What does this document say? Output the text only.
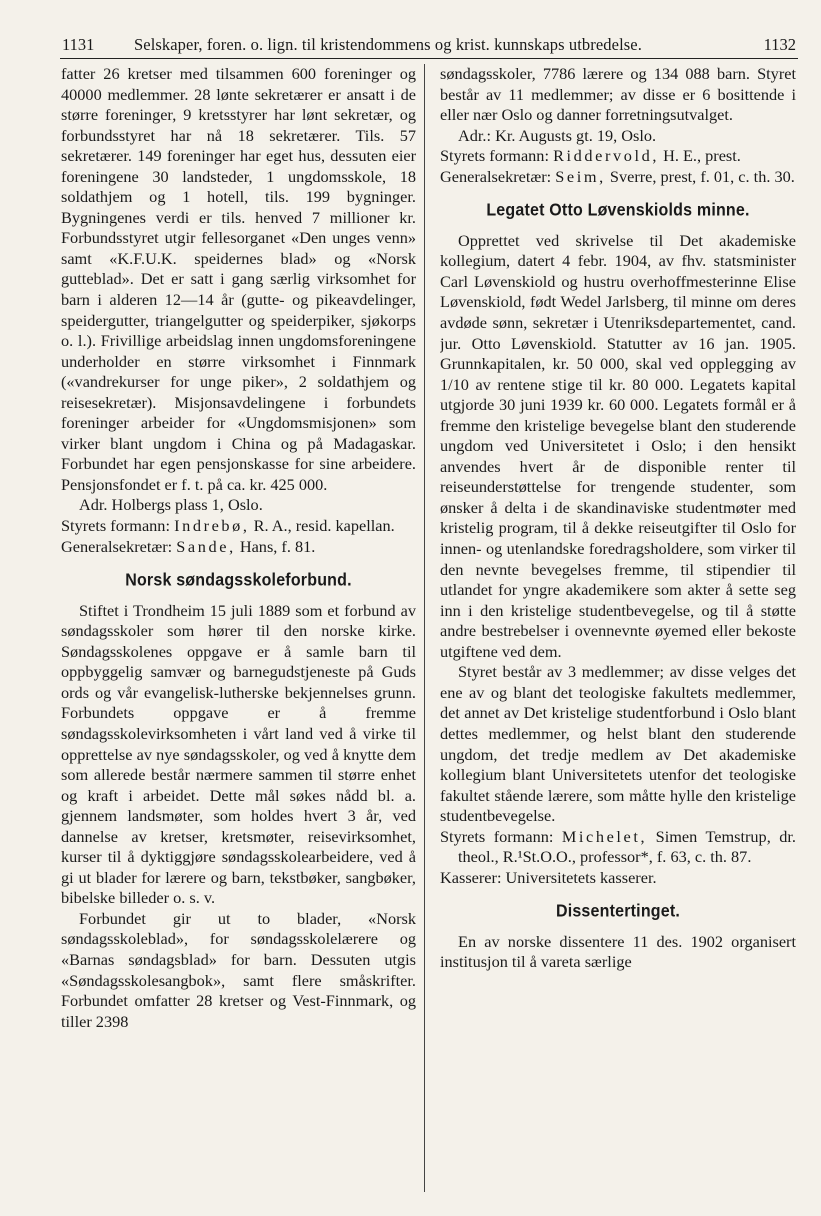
1131 Selskaper, foren. o. lign. til kristendommens og krist. kunnskaps utbredelse.	1132

fatter 26 kretser med tilsammen 600 foreninger og 40000 medlemmer. 28 lønte sekretærer er ansatt i de større foreninger, 9 kretsstyrer har lønt sekretær, og forbundsstyret har nå 18 sekretærer. Tils. 57 sekretærer. 149 foreninger har eget hus, dessuten eier foreningene 30 landsteder, 1 ungdomsskole, 18 soldathjem og 1 hotell, tils. 199 bygninger. Bygningenes verdi er tils. henved 7 millioner kr. Forbundsstyret utgir fellesorganet «Den unges venn» samt «K.F.U.K. speidernes blad» og «Norsk gutteblad». Det er satt i gang særlig virksomhet for barn i alderen 12—14 år (gutte- og pikeavdelinger, speidergutter, triangelgutter og speiderpiker, sjøkorps o. l.). Frivillige arbeidslag innen ungdomsforeningene underholder en større virksomhet i Finnmark («vandrekurser for unge piker», 2 soldathjem og reisesekretær). Misjonsavdelingene i forbundets foreninger arbeider for «Ungdomsmisjonen» som virker blant ungdom i China og på Madagaskar. Forbundet har egen pensjonskasse for sine arbeidere. Pensjonsfondet er f. t. på ca. kr. 425 000.

Adr. Holbergs plass 1, Oslo.

Styrets formann: Indrebø, R. A., resid. kapellan.

Generalsekretær: Sande, Hans, f. 81.

Norsk søndagsskoleforbund.

Stiftet i Trondheim 15 juli 1889 som et forbund av søndagsskoler som hører til den norske kirke. Søndagsskolenes oppgave er å samle barn til oppbyggelig samvær og barnegudstjeneste på Guds ords og vår evangelisk-lutherske bekjennelses grunn. Forbundets oppgave er å fremme søndagsskolevirksomheten i vårt land ved å virke til opprettelse av nye søndagsskoler, og ved å knytte dem som allerede består nærmere sammen til større enhet og kraft i arbeidet. Dette mål søkes nådd bl. a. gjennem landsmøter, som holdes hvert 3 år, ved dannelse av kretser, kretsmøter, reisevirksomhet, kurser til å dyktiggjøre søndagsskolearbeidere, ved å gi ut blader for lærere og barn, tekstbøker, sangbøker, bibelske billeder o. s. v.

Forbundet gir ut to blader, «Norsk søndagsskoleblad», for søndagsskolelærere og «Barnas søndagsblad» for barn. Dessuten utgis «Søndagsskolesangbok», samt flere småskrifter. Forbundet omfatter 28 kretser og Vest-Finnmark, og tiller 2398

søndagsskoler, 7786 lærere og 134 088 barn. Styret består av 11 medlemmer; av disse er 6 bosittende i eller nær Oslo og danner forretningsutvalget.

Adr.: Kr. Augusts gt. 19, Oslo.

Styrets formann: Riddervold, H. E., prest.

Generalsekretær: Seim, Sverre, prest, f. 01, c. th. 30.

Legatet Otto Løvenskiolds minne.

Opprettet ved skrivelse til Det akademiske kollegium, datert 4 febr. 1904, av fhv. statsminister Carl Løvenskiold og hustru overhoffmesterinne Elise Løvenskiold, født Wedel Jarlsberg, til minne om deres avdøde sønn, sekretær i Utenriksdepartementet, cand. jur. Otto Løvenskiold. Statutter av 16 jan. 1905. Grunnkapitalen, kr. 50 000, skal ved opplegging av 1/10 av rentene stige til kr. 80 000. Legatets kapital utgjorde 30 juni 1939 kr. 60 000. Legatets formål er å fremme den kristelige bevegelse blant den studerende ungdom ved Universitetet i Oslo; i den hensikt anvendes hvert år de disponible renter til reiseunderstøttelse for trengende studenter, som ønsker å delta i de skandinaviske studentmøter med kristelig program, til å dekke reiseutgifter til Oslo for innen- og utenlandske foredragsholdere, som virker til den nevnte bevegelses fremme, til stipendier til utlandet for yngre akademikere som akter å sette seg inn i den kristelige studentbevegelse, og til å støtte andre bestrebelser i ovennevnte øyemed eller bekoste utgiftene ved dem.

Styret består av 3 medlemmer; av disse velges det ene av og blant det teologiske fakultets medlemmer, det annet av Det kristelige studentforbund i Oslo blant dettes medlemmer, og helst blant den studerende ungdom, det tredje medlem av Det akademiske kollegium blant Universitetets utenfor det teologiske fakultet stående lærere, som måtte hylle den kristelige studentbevegelse.

Styrets formann: Michelet, Simen Temstrup, dr. theol., R.¹St.O.O., professor*, f. 63, c. th. 87.

Kasserer: Universitetets kasserer.

Dissentertinget.

En av norske dissentere 11 des. 1902 organisert institusjon til å vareta særlige
